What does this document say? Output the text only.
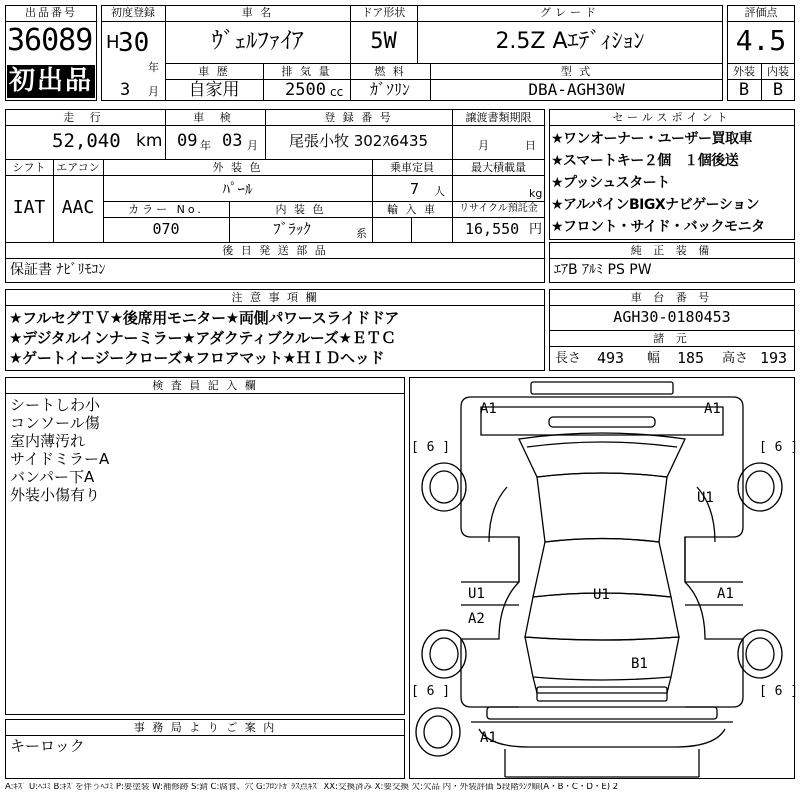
出品番号
36089
初出品
初度登録
H
30
年
3 月
車 名
ｳﾞｪﾙﾌｧｲｱ
ドア形状
5W
グレード
2.5Z Aｴﾃﾞｨｼｮﾝ
車 歴
自家用
排 気 量
2500 cc
燃 料
ｶﾞｿﾘﾝ
型 式
DBA-AGH30W
評価点
4.5
外装	内装
B	B
走 行
52,040 km
車 検
09 年 03 月
登 録 番 号
尾張小牧 302ｽ6435
譲渡書類期限
月	日
シフト
IAT
エアコン
AAC
外 装 色
ﾊﾟｰﾙ
乗車定員
7 人
最大積載量
kg
カラー No.
070
内 装 色
ﾌﾞﾗｯｸ	系
輸 入 車	リサイクル預託金
16,550 円
後 日 発 送 部 品
保証書 ﾅﾋﾞﾘﾓｺﾝ
セールスポイント
★ワンオーナー・ユーザー買取車
★スマートキー２個　１個後送
★プッシュスタート
★アルパインBIGXナビゲーション
★フロント・サイド・バックモニタ
純 正 装 備
ｴｱB ｱﾙﾐ PS PW
注 意 事 項 欄
★フルセグＴＶ★後席用モニター★両側パワースライドドア
★デジタルインナーミラー★アダクティブクルーズ★ＥＴＣ
★ゲートイージークローズ★フロアマット★ＨＩＤヘッド
車 台 番 号
AGH30-0180453
諸 元
長さ 493 幅 185 高さ 193
検 査 員 記 入 欄
シートしわ小
コンソール傷
室内薄汚れ
サイドミラーA
バンパー下A
外装小傷有り
事 務 局 よ り ご 案 内
キーロック
A1	A1
U1
U1	U1	A1
A2
B1
A1
[ 6 ]	[ 6 ]
[ 6 ]	[ 6 ]
A:ｷｽﾞ U:ﾍｺﾐ B:ｷｽﾞを伴うﾍｺﾐ P:要塗装 W:補修跡 S:錆 C:腐食、穴 G:ﾌﾛﾝﾄｶﾞﾗｽ点ｷｽﾞ XX:交換済み X:要交換 欠:欠品 内・外装評価 5段階ﾗﾝｸ順(A・B・C・D・E) 2
